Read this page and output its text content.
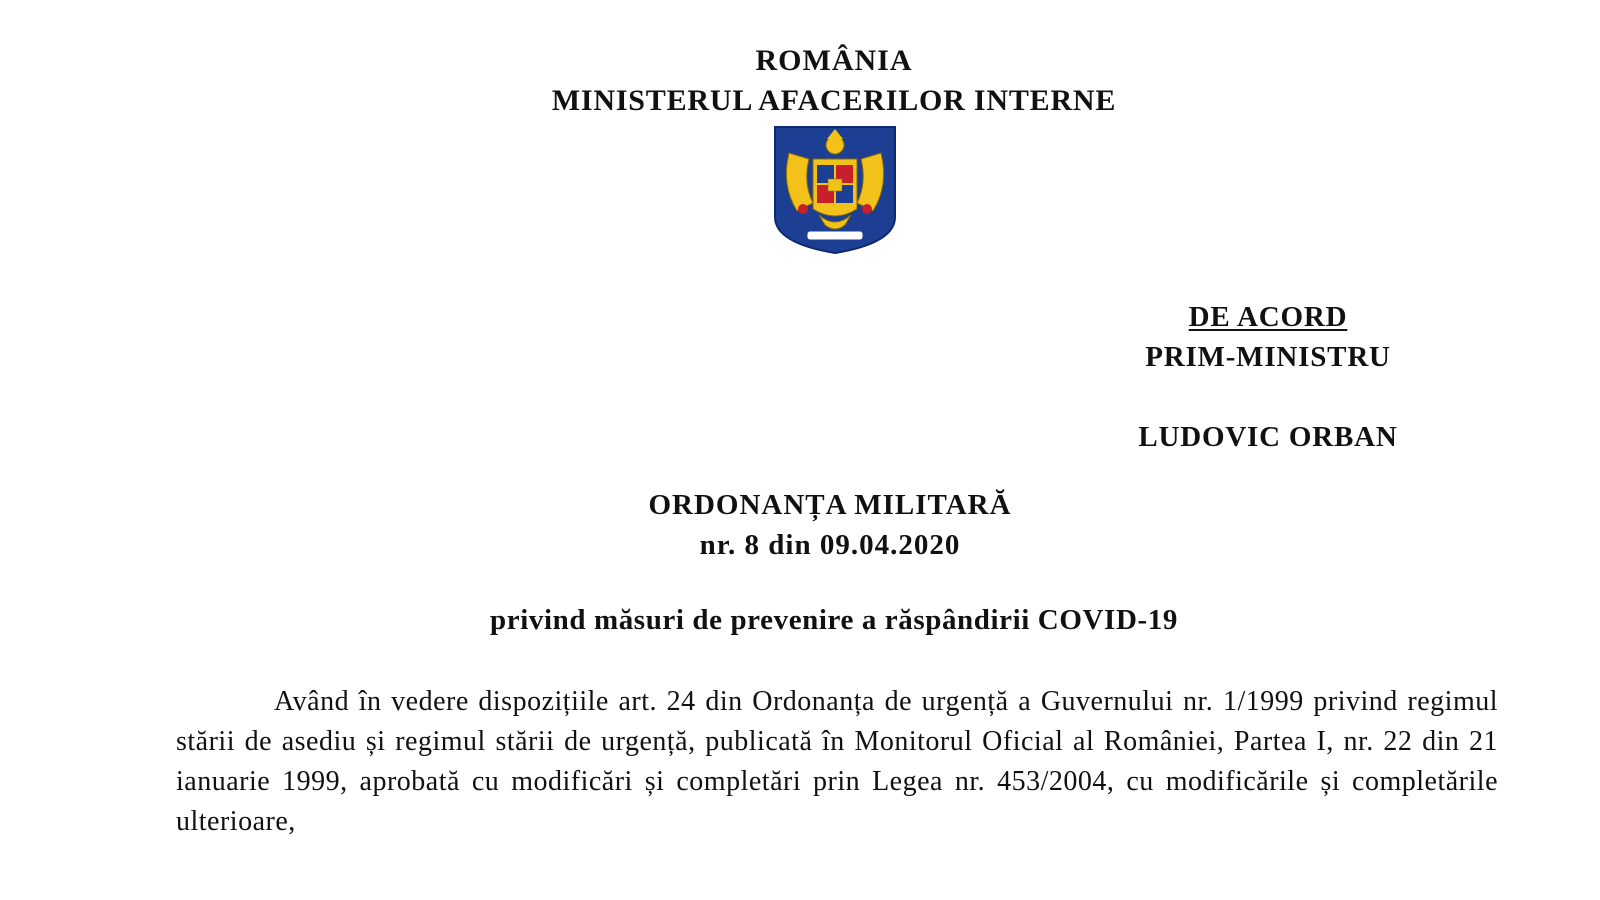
ROMÂNIA
MINISTERUL AFACERILOR INTERNE
DE ACORD
PRIM-MINISTRU
LUDOVIC ORBAN
ORDONANȚA MILITARĂ
nr. 8 din 09.04.2020
privind măsuri de prevenire a răspândirii COVID-19
Având în vedere dispozițiile art. 24 din Ordonanța de urgență a Guvernului nr. 1/1999 privind regimul stării de asediu și regimul stării de urgență, publicată în Monitorul Oficial al României, Partea I, nr. 22 din 21 ianuarie 1999, aprobată cu modificări și completări prin Legea nr. 453/2004, cu modificările și completările ulterioare,
